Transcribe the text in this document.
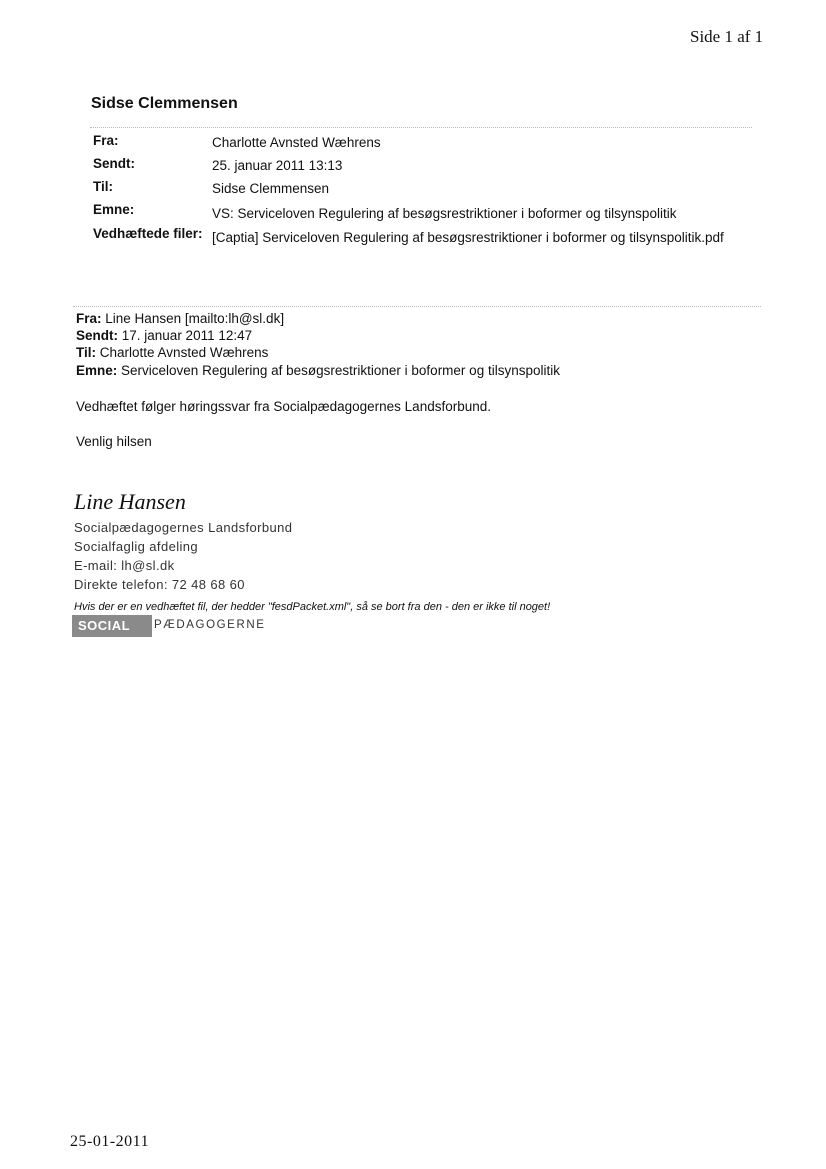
Side 1 af 1
Sidse Clemmensen
Fra:	Charlotte Avnsted Wæhrens
Sendt:	25. januar 2011 13:13
Til:	Sidse Clemmensen
Emne:	VS: Serviceloven Regulering af besøgsrestriktioner i boformer og tilsynspolitik
Vedhæftede filer: [Captia] Serviceloven Regulering af besøgsrestriktioner i boformer og tilsynspolitik.pdf
Fra: Line Hansen [mailto:lh@sl.dk]
Sendt: 17. januar 2011 12:47
Til: Charlotte Avnsted Wæhrens
Emne: Serviceloven Regulering af besøgsrestriktioner i boformer og tilsynspolitik
Vedhæftet følger høringssvar fra Socialpædagogernes Landsforbund.
Venlig hilsen
Line Hansen
Socialpædagogernes Landsforbund
Socialfaglig afdeling
E-mail: lh@sl.dk
Direkte telefon: 72 48 68 60
Hvis der er en vedhæftet fil, der hedder "fesdPacket.xml", så se bort fra den - den er ikke til noget!
SOCIAL PÆDAGOGERNE
25-01-2011
